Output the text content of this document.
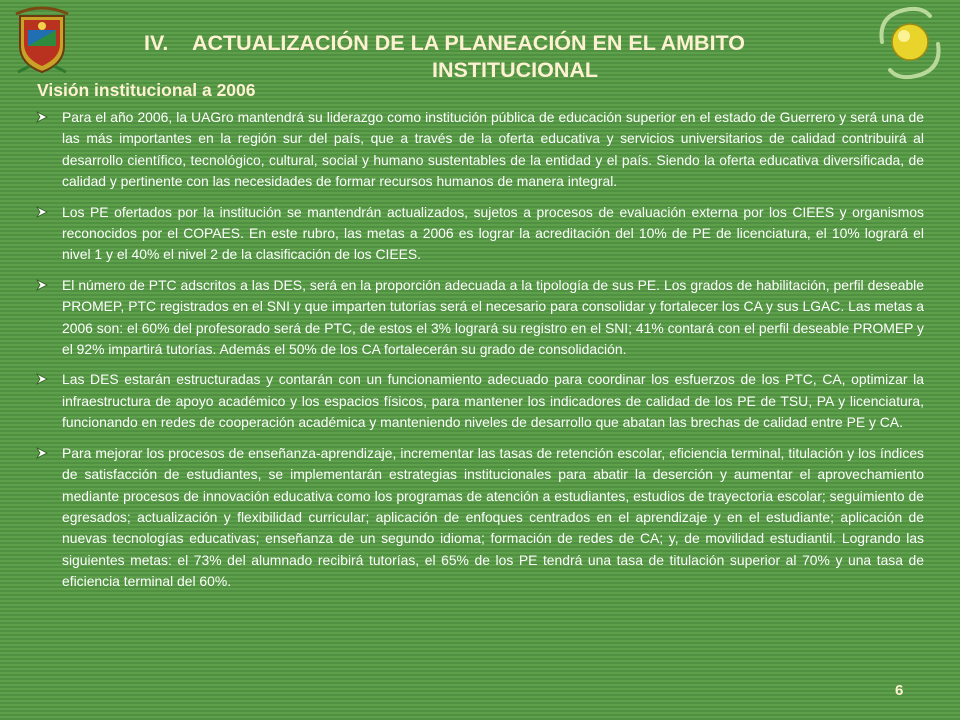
IV. ACTUALIZACIÓN DE LA PLANEACIÓN EN EL AMBITO
INSTITUCIONAL
Visión institucional a 2006
Para el año 2006, la UAGro mantendrá su liderazgo como institución pública de educación superior en el estado de Guerrero y será una de las más importantes en la región sur del país, que a través de la oferta educativa y servicios universitarios de calidad contribuirá al desarrollo científico, tecnológico, cultural, social y humano sustentables de la entidad y el país. Siendo la oferta educativa diversificada, de calidad y pertinente con las necesidades de formar recursos humanos de manera integral.
Los PE ofertados por la institución se mantendrán actualizados, sujetos a procesos de evaluación externa por los CIEES y organismos reconocidos por el COPAES. En este rubro, las metas a 2006 es lograr la acreditación del 10% de PE de licenciatura, el 10% logrará el nivel 1 y el 40% el nivel 2 de la clasificación de los CIEES.
El número de PTC adscritos a las DES, será en la proporción adecuada a la tipología de sus PE. Los grados de habilitación, perfil deseable PROMEP, PTC registrados en el SNI y que imparten tutorías será el necesario para consolidar y fortalecer los CA y sus LGAC. Las metas a 2006 son: el 60% del profesorado será de PTC, de estos el 3% logrará su registro en el SNI; 41% contará con el perfil deseable PROMEP y el 92% impartirá tutorías. Además el 50% de los CA fortalecerán su grado de consolidación.
Las DES estarán estructuradas y contarán con un funcionamiento adecuado para coordinar los esfuerzos de los PTC, CA, optimizar la infraestructura de apoyo académico y los espacios físicos, para mantener los indicadores de calidad de los PE de TSU, PA y licenciatura, funcionando en redes de cooperación académica y manteniendo niveles de desarrollo que abatan las brechas de calidad entre PE y CA.
Para mejorar los procesos de enseñanza-aprendizaje, incrementar las tasas de retención escolar, eficiencia terminal, titulación y los índices de satisfacción de estudiantes, se implementarán estrategias institucionales para abatir la deserción y aumentar el aprovechamiento mediante procesos de innovación educativa como los programas de atención a estudiantes, estudios de trayectoria escolar; seguimiento de egresados; actualización y flexibilidad curricular; aplicación de enfoques centrados en el aprendizaje y en el estudiante; aplicación de nuevas tecnologías educativas; enseñanza de un segundo idioma; formación de redes de CA; y, de movilidad estudiantil. Logrando las siguientes metas: el 73% del alumnado recibirá tutorías, el 65% de los PE tendrá una tasa de titulación superior al 70% y una tasa de eficiencia terminal del 60%.
6
